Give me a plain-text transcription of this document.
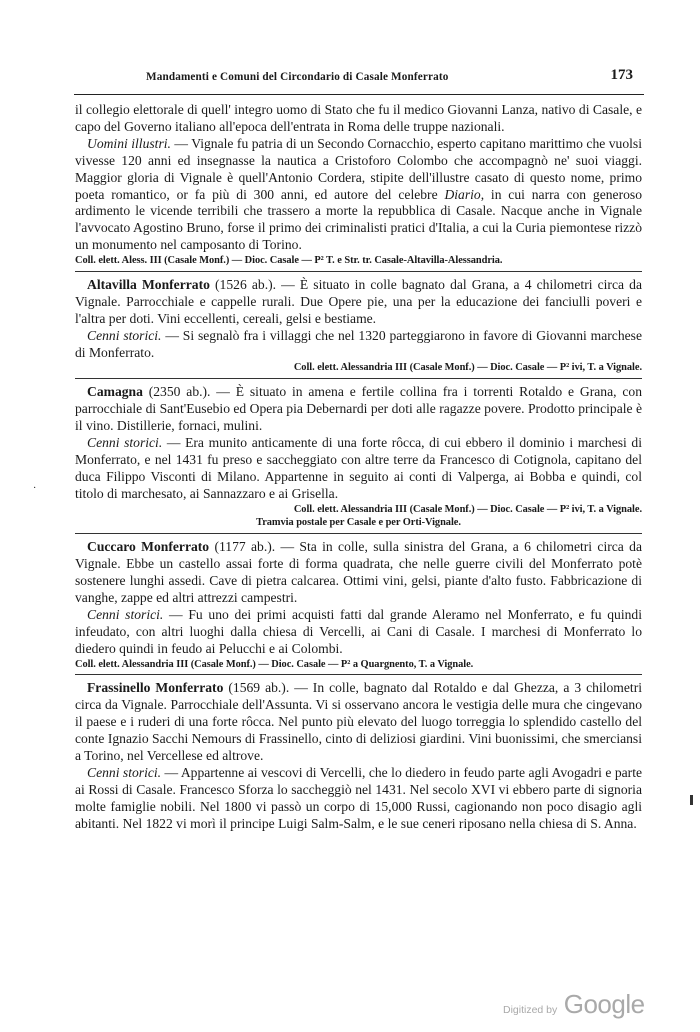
Mandamenti e Comuni del Circondario di Casale Monferrato	173

il collegio elettorale di quell' integro uomo di Stato che fu il medico Giovanni Lanza, nativo di Casale, e capo del Governo italiano all'epoca dell'entrata in Roma delle truppe nazionali.

Uomini illustri. — Vignale fu patria di un Secondo Cornacchio, esperto capitano marittimo che vuolsi vivesse 120 anni ed insegnasse la nautica a Cristoforo Colombo che accompagnò ne' suoi viaggi. Maggior gloria di Vignale è quell'Antonio Cordera, stipite dell'illustre casato di questo nome, primo poeta romantico, or fa più di 300 anni, ed autore del celebre Diario, in cui narra con generoso ardimento le vicende terribili che trassero a morte la repubblica di Casale. Nacque anche in Vignale l'avvocato Agostino Bruno, forse il primo dei criminalisti pratici d'Italia, a cui la Curia piemontese rizzò un monumento nel camposanto di Torino.

Coll. elett. Aless. III (Casale Monf.) — Dioc. Casale — P² T. e Str. tr. Casale-Altavilla-Alessandria.

Altavilla Monferrato (1526 ab.). — È situato in colle bagnato dal Grana, a 4 chilometri circa da Vignale. Parrocchiale e cappelle rurali. Due Opere pie, una per la educazione dei fanciulli poveri e l'altra per doti. Vini eccellenti, cereali, gelsi e bestiame.

Cenni storici. — Si segnalò fra i villaggi che nel 1320 parteggiarono in favore di Giovanni marchese di Monferrato.

Coll. elett. Alessandria III (Casale Monf.) — Dioc. Casale — P² ivi, T. a Vignale.

Camagna (2350 ab.). — È situato in amena e fertile collina fra i torrenti Rotaldo e Grana, con parrocchiale di Sant'Eusebio ed Opera pia Debernardi per doti alle ragazze povere. Prodotto principale è il vino. Distillerie, fornaci, mulini.

Cenni storici. — Era munito anticamente di una forte rôcca, di cui ebbero il dominio i marchesi di Monferrato, e nel 1431 fu preso e saccheggiato con altre terre da Francesco di Cotignola, capitano del duca Filippo Visconti di Milano. Appartenne in seguito ai conti di Valperga, ai Bobba e quindi, col titolo di marchesato, ai Sannazzaro e ai Grisella.

Coll. elett. Alessandria III (Casale Monf.) — Dioc. Casale — P² ivi, T. a Vignale.

Tramvia postale per Casale e per Orti-Vignale.

Cuccaro Monferrato (1177 ab.). — Sta in colle, sulla sinistra del Grana, a 6 chilometri circa da Vignale. Ebbe un castello assai forte di forma quadrata, che nelle guerre civili del Monferrato potè sostenere lunghi assedi. Cave di pietra calcarea. Ottimi vini, gelsi, piante d'alto fusto. Fabbricazione di vanghe, zappe ed altri attrezzi campestri.

Cenni storici. — Fu uno dei primi acquisti fatti dal grande Aleramo nel Monferrato, e fu quindi infeudato, con altri luoghi dalla chiesa di Vercelli, ai Cani di Casale. I marchesi di Monferrato lo diedero quindi in feudo ai Pelucchi e ai Colombi.

Coll. elett. Alessandria III (Casale Monf.) — Dioc. Casale — P² a Quargnento, T. a Vignale.

Frassinello Monferrato (1569 ab.). — In colle, bagnato dal Rotaldo e dal Ghezza, a 3 chilometri circa da Vignale. Parrocchiale dell'Assunta. Vi si osservano ancora le vestigia delle mura che cingevano il paese e i ruderi di una forte rôcca. Nel punto più elevato del luogo torreggia lo splendido castello del conte Ignazio Sacchi Nemours di Frassinello, cinto di deliziosi giardini. Vini buonissimi, che smerciansi a Torino, nel Vercellese ed altrove.

Cenni storici. — Appartenne ai vescovi di Vercelli, che lo diedero in feudo parte agli Avogadri e parte ai Rossi di Casale. Francesco Sforza lo saccheggiò nel 1431. Nel secolo XVI vi ebbero parte di signoria molte famiglie nobili. Nel 1800 vi passò un corpo di 15,000 Russi, cagionando non poco disagio agli abitanti. Nel 1822 vi morì il principe Luigi Salm-Salm, e le sue ceneri riposano nella chiesa di S. Anna.

·
Digitized by Google
